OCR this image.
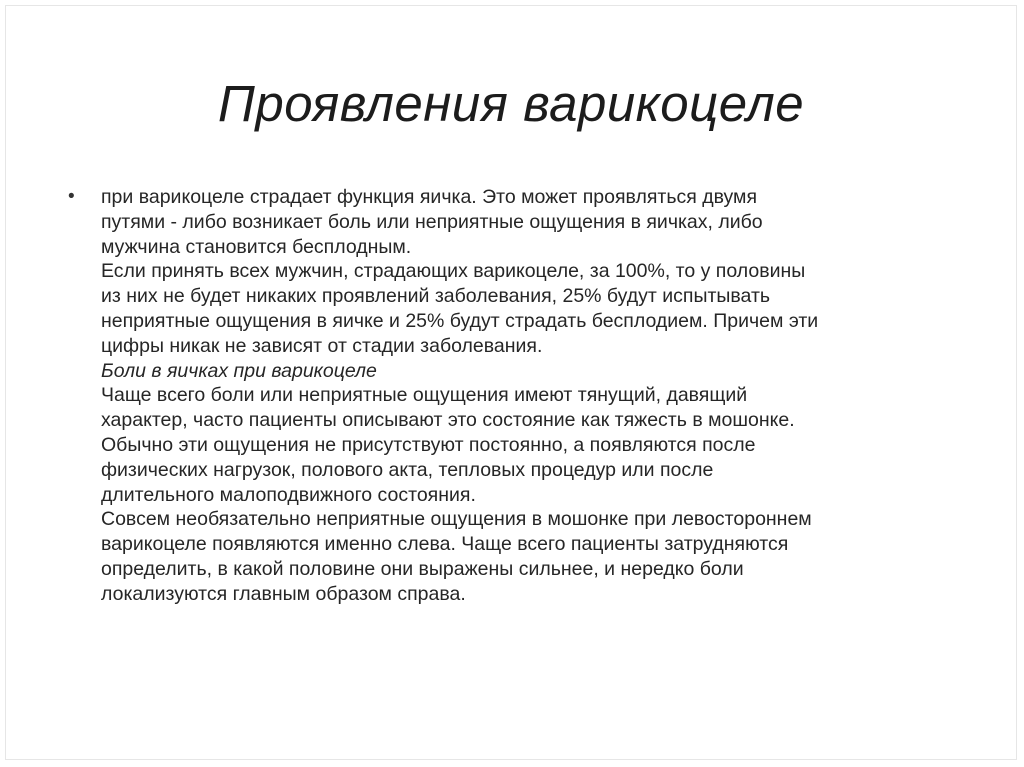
Проявления варикоцеле
• при варикоцеле страдает функция яичка. Это может проявляться двумя
путями - либо возникает боль или неприятные ощущения в яичках, либо
мужчина становится бесплодным.
Если принять всех мужчин, страдающих варикоцеле, за 100%, то у половины
из них не будет никаких проявлений заболевания, 25% будут испытывать
неприятные ощущения в яичке и 25% будут страдать бесплодием. Причем эти
цифры никак не зависят от стадии заболевания.
Боли в яичках при варикоцеле
Чаще всего боли или неприятные ощущения имеют тянущий, давящий
характер, часто пациенты описывают это состояние как тяжесть в мошонке.
Обычно эти ощущения не присутствуют постоянно, а появляются после
физических нагрузок, полового акта, тепловых процедур или после
длительного малоподвижного состояния.
Совсем необязательно неприятные ощущения в мошонке при левостороннем
варикоцеле появляются именно слева. Чаще всего пациенты затрудняются
определить, в какой половине они выражены сильнее, и нередко боли
локализуются главным образом справа.
